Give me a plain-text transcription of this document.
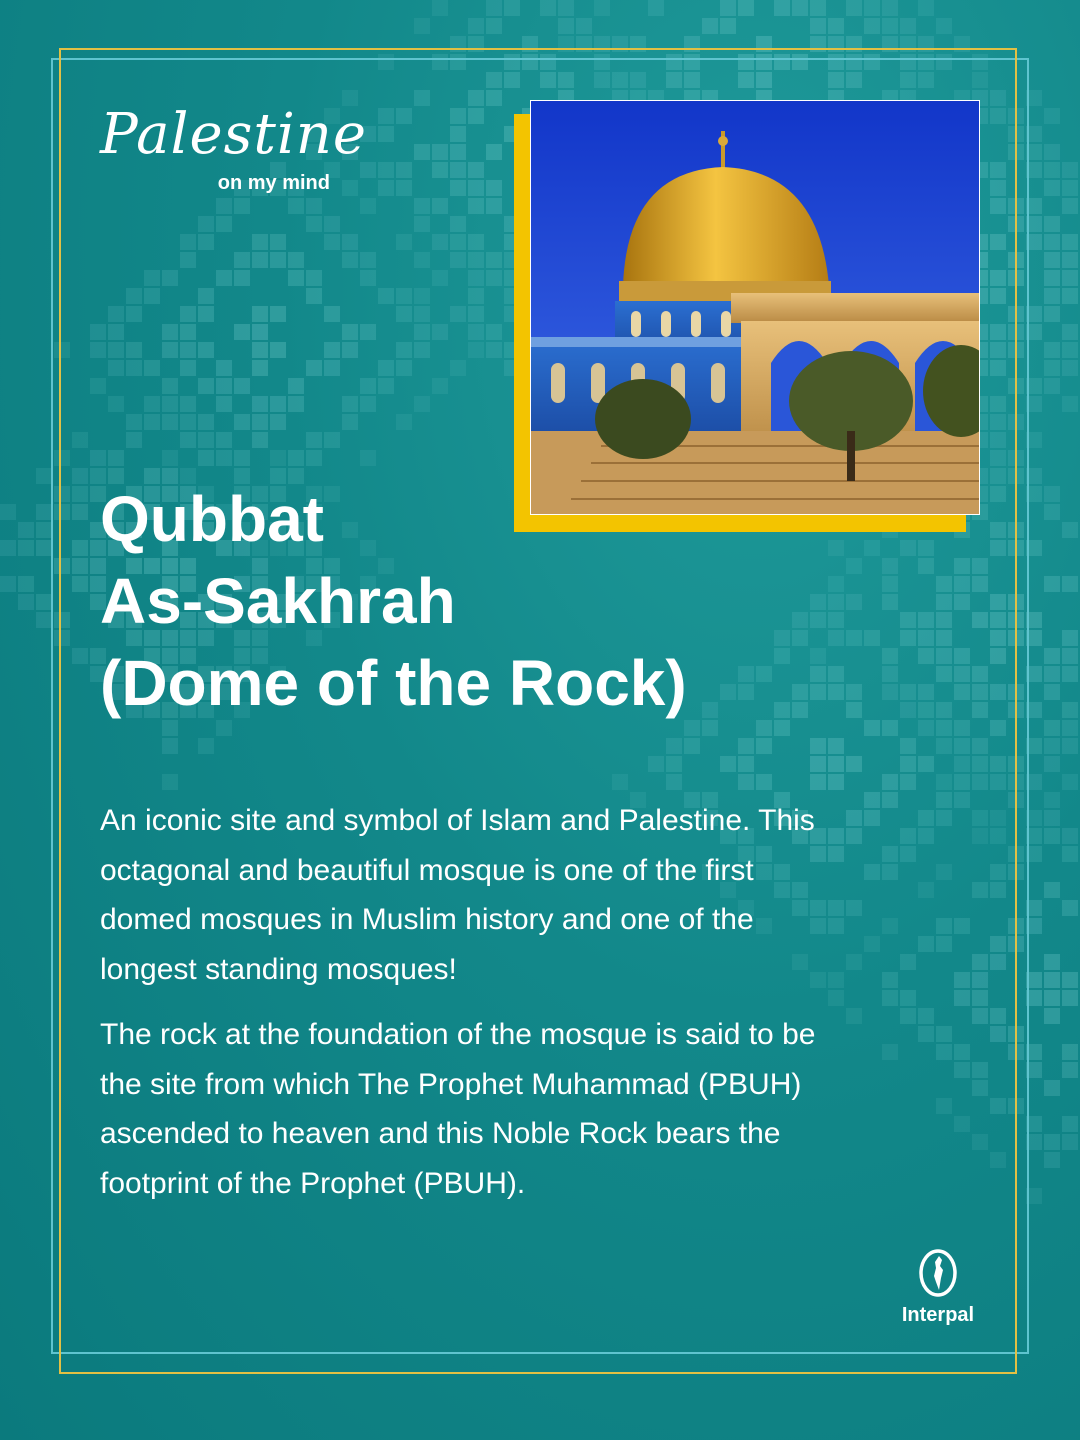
Palestine
on my mind
Qubbat
As-Sakhrah
(Dome of the Rock)

An iconic site and symbol of Islam and Palestine. This octagonal and beautiful mosque is one of the first domed mosques in Muslim history and one of the longest standing mosques!

The rock at the foundation of the mosque is said to be the site from which The Prophet Muhammad (PBUH) ascended to heaven and this Noble Rock bears the footprint of the Prophet (PBUH).

Interpal
